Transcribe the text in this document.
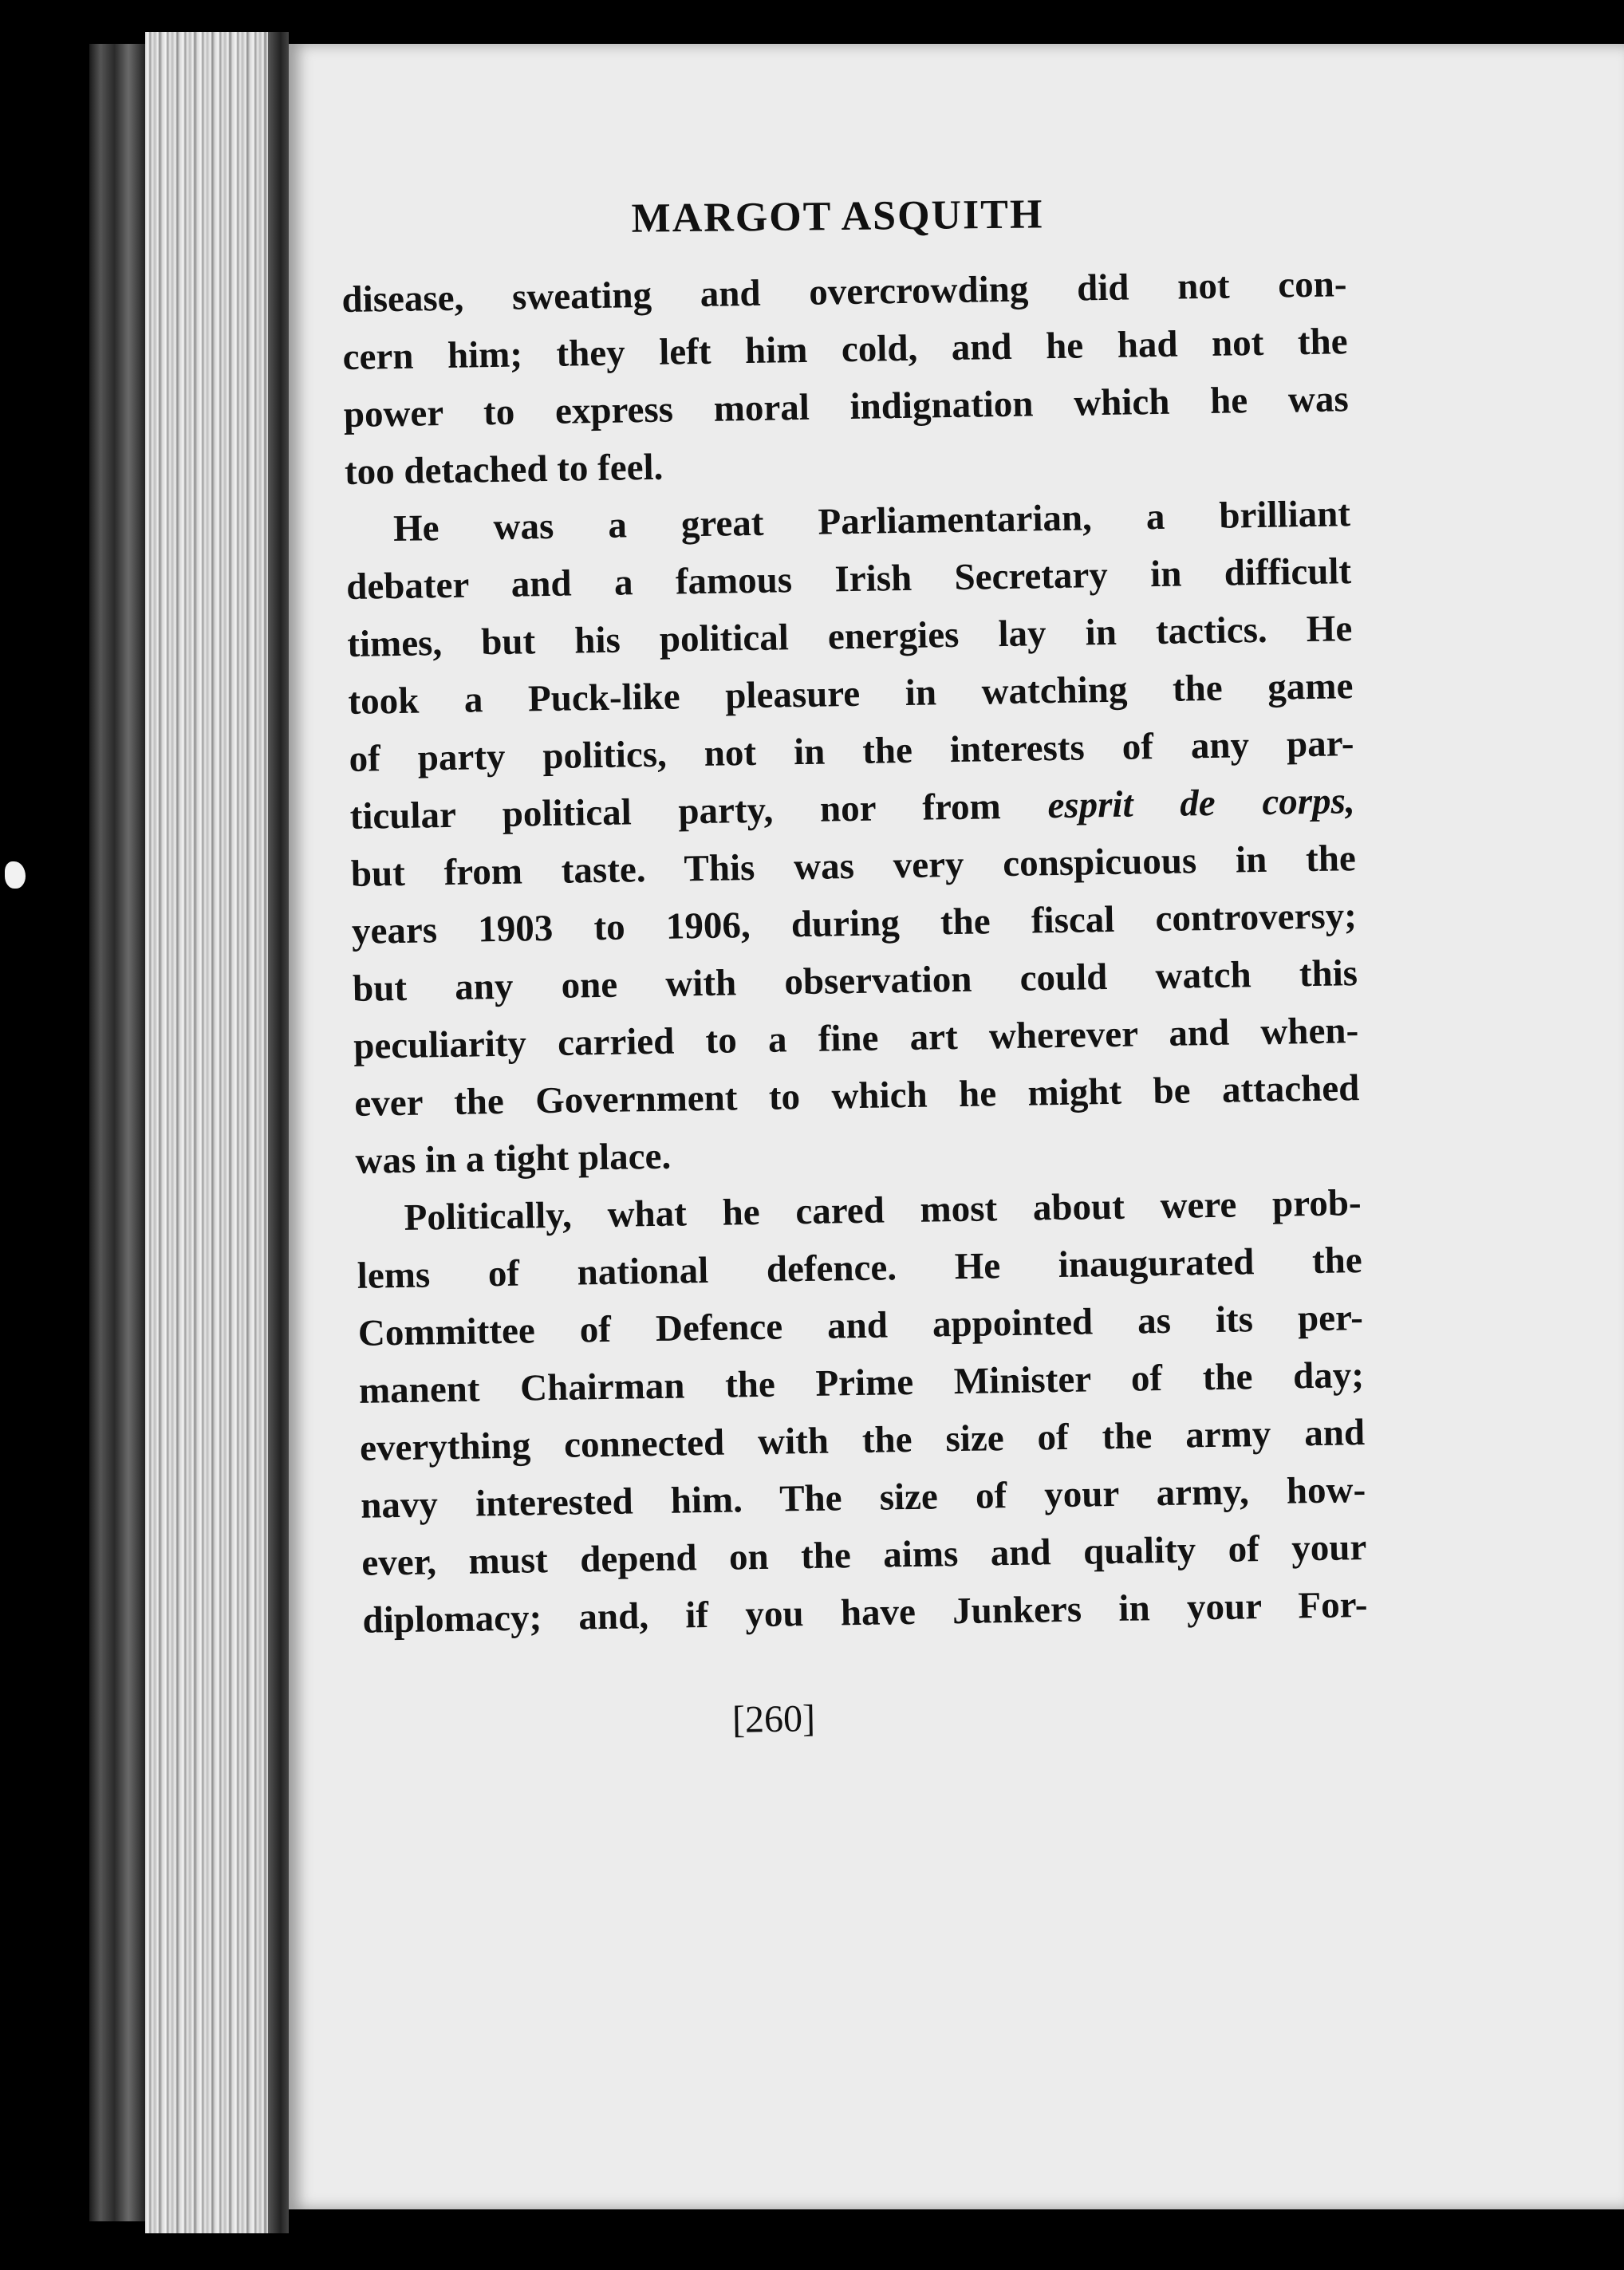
MARGOT ASQUITH
disease, sweating and overcrowding did not con-
cern him; they left him cold, and he had not the
power to express moral indignation which he was
too detached to feel.
He was a great Parliamentarian, a brilliant
debater and a famous Irish Secretary in difficult
times, but his political energies lay in tactics. He
took a Puck-like pleasure in watching the game
of party politics, not in the interests of any par-
ticular political party, nor from esprit de corps,
but from taste. This was very conspicuous in the
years 1903 to 1906, during the fiscal controversy;
but any one with observation could watch this
peculiarity carried to a fine art wherever and when-
ever the Government to which he might be attached
was in a tight place.
Politically, what he cared most about were prob-
lems of national defence. He inaugurated the
Committee of Defence and appointed as its per-
manent Chairman the Prime Minister of the day;
everything connected with the size of the army and
navy interested him. The size of your army, how-
ever, must depend on the aims and quality of your
diplomacy; and, if you have Junkers in your For-
[260]
